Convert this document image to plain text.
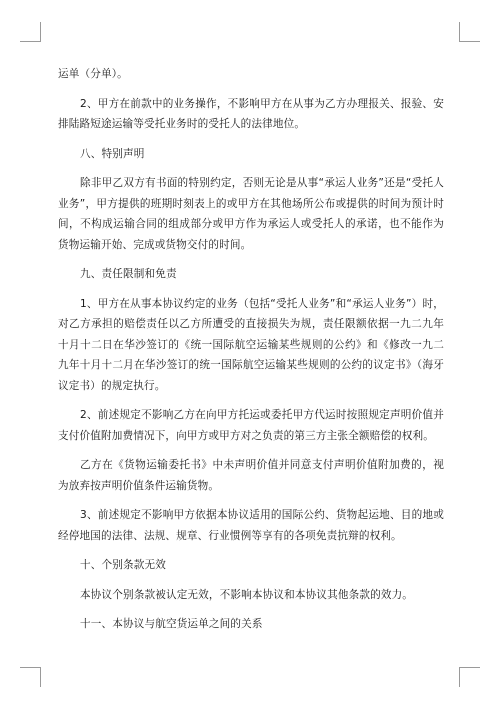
运单（分单）。

2、甲方在前款中的业务操作，不影响甲方在从事为乙方办理报关、报验、安排陆路短途运输等受托业务时的受托人的法律地位。

八、特别声明

除非甲乙双方有书面的特别约定，否则无论是从事“承运人业务”还是“受托人业务”，甲方提供的班期时刻表上的或甲方在其他场所公布或提供的时间为预计时间，不构成运输合同的组成部分或甲方作为承运人或受托人的承诺，也不能作为货物运输开始、完成或货物交付的时间。

九、责任限制和免责

1、甲方在从事本协议约定的业务（包括“受托人业务”和“承运人业务”）时，对乙方承担的赔偿责任以乙方所遭受的直接损失为规，责任限额依据一九二九年十月十二日在华沙签订的《统一国际航空运输某些规则的公约》和《修改一九二九年十月十二月在华沙签订的统一国际航空运输某些规则的公约的议定书》（海牙议定书）的规定执行。

2、前述规定不影响乙方在向甲方托运或委托甲方代运时按照规定声明价值并支付价值附加费情况下，向甲方或甲方对之负责的第三方主张全额赔偿的权利。

乙方在《货物运输委托书》中未声明价值并同意支付声明价值附加费的，视为放弃按声明价值条件运输货物。

3、前述规定不影响甲方依据本协议适用的国际公约、货物起运地、目的地或经停地国的法律、法规、规章、行业惯例等享有的各项免责抗辩的权利。

十、个别条款无效

本协议个别条款被认定无效，不影响本协议和本协议其他条款的效力。

十一、本协议与航空货运单之间的关系
